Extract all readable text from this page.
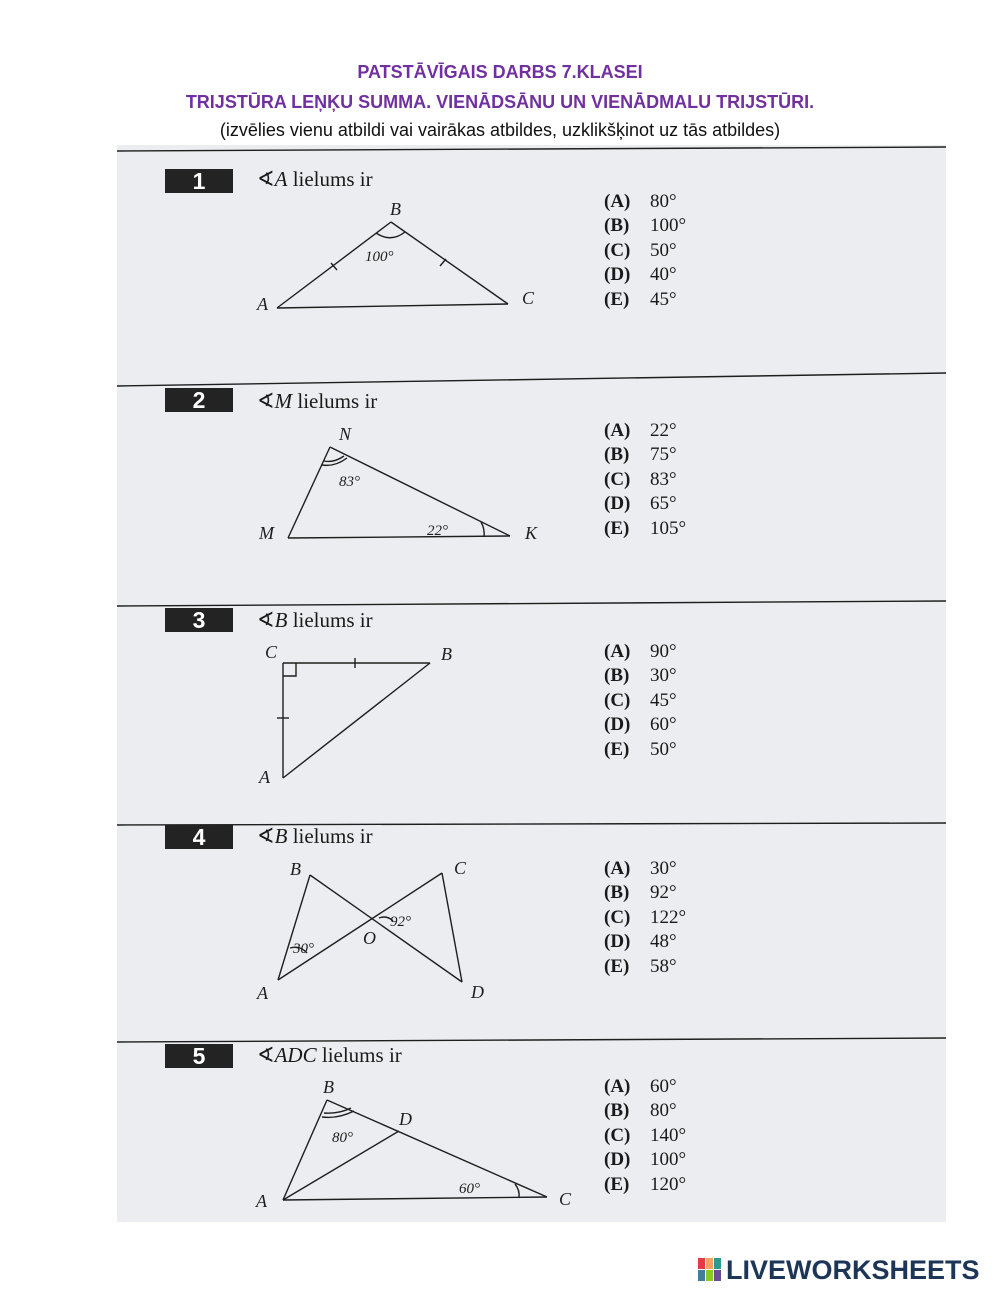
PATSTĀVĪGAIS DARBS 7.KLASEI
TRIJSTŪRA LEŅĶU SUMMA. VIENĀDSĀNU UN VIENĀDMALU TRIJSTŪRI.
(izvēlies vienu atbildi vai vairākas atbildes, uzklikšķinot uz tās atbildes)
B
100°
A	C
N
83°
M	22°	K
C	B
A
B	C
92°
30°
O
A	D
B
D
80°
60°
A	C
1	∢A lielums ir
(A) 80°
(B) 100°
(C) 50°
(D) 40°
(E) 45°
2	∢M lielums ir
(A) 22°
(B) 75°
(C) 83°
(D) 65°
(E) 105°
3	∢B lielums ir
(A) 90°
(B) 30°
(C) 45°
(D) 60°
(E) 50°
4	∢B lielums ir
(A) 30°
(B) 92°
(C) 122°
(D) 48°
(E) 58°
5	∢ADC lielums ir
(A) 60°
(B) 80°
(C) 140°
(D) 100°
(E) 120°
LIVEWORKSHEETS
